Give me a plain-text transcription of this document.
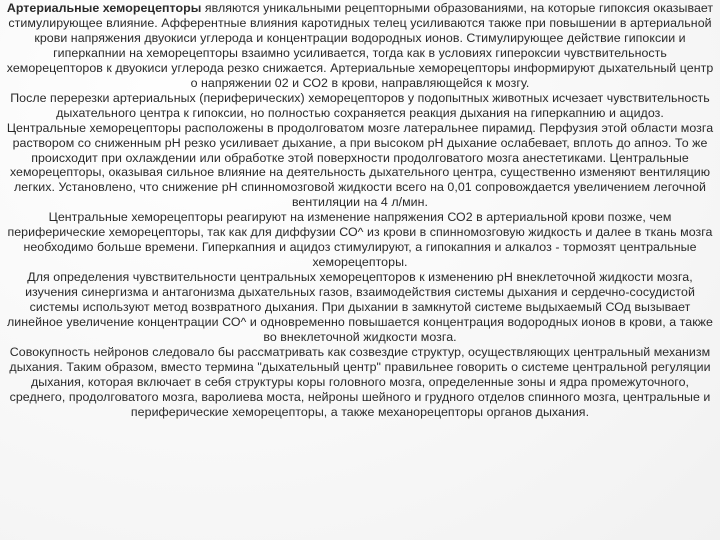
Артериальные хеморецепторы являются уникальными рецепторными образованиями, на которые гипоксия оказывает стимулирующее влияние. Афферентные влияния каротидных телец усиливаются также при повышении в артериальной крови напряжения двуокиси углерода и концентрации водородных ионов. Стимулирующее действие гипоксии и гиперкапнии на хеморецепторы взаимно усиливается, тогда как в условиях гипероксии чувствительность хеморецепторов к двуокиси углерода резко снижается. Артериальные хеморецепторы информируют дыхательный центр о напряжении 02 и СО2 в крови, направляющейся к мозгу.

После перерезки артериальных (периферических) хеморецепторов у подопытных животных исчезает чувствительность дыхательного центра к гипоксии, но полностью сохраняется реакция дыхания на гиперкапнию и ацидоз.

Центральные хеморецепторы расположены в продолговатом мозге латеральнее пирамид. Перфузия этой области мозга раствором со сниженным рН резко усиливает дыхание, а при высоком рН дыхание ослабевает, вплоть до апноэ. То же происходит при охлаждении или обработке этой поверхности продолговатого мозга анестетиками. Центральные хеморецепторы, оказывая сильное влияние на деятельность дыхательного центра, существенно изменяют вентиляцию легких. Установлено, что снижение рН спинномозговой жидкости всего на 0,01 сопровождается увеличением легочной вентиляции на 4 л/мин.

Центральные хеморецепторы реагируют на изменение напряжения СО2 в артериальной крови позже, чем периферические хеморецепторы, так как для диффузии СО^ из крови в спинномозговую жидкость и далее в ткань мозга необходимо больше времени. Гиперкапния и ацидоз стимулируют, а гипокапния и алкалоз - тормозят центральные хеморецепторы.

Для определения чувствительности центральных хеморецепторов к изменению рН внеклеточной жидкости мозга, изучения синергизма и антагонизма дыхательных газов, взаимодействия системы дыхания и сердечно-сосудистой системы используют метод возвратного дыхания. При дыхании в замкнутой системе выдыхаемый СОд вызывает линейное увеличение концентрации СО^ и одновременно повышается концентрация водородных ионов в крови, а также во внеклеточной жидкости мозга.

Совокупность нейронов следовало бы рассматривать как созвездие структур, осуществляющих центральный механизм дыхания. Таким образом, вместо термина "дыхательный центр" правильнее говорить о системе центральной регуляции дыхания, которая включает в себя структуры коры головного мозга, определенные зоны и ядра промежуточного, среднего, продолговатого мозга, варолиева моста, нейроны шейного и грудного отделов спинного мозга, центральные и периферические хеморецепторы, а также механорецепторы органов дыхания.
